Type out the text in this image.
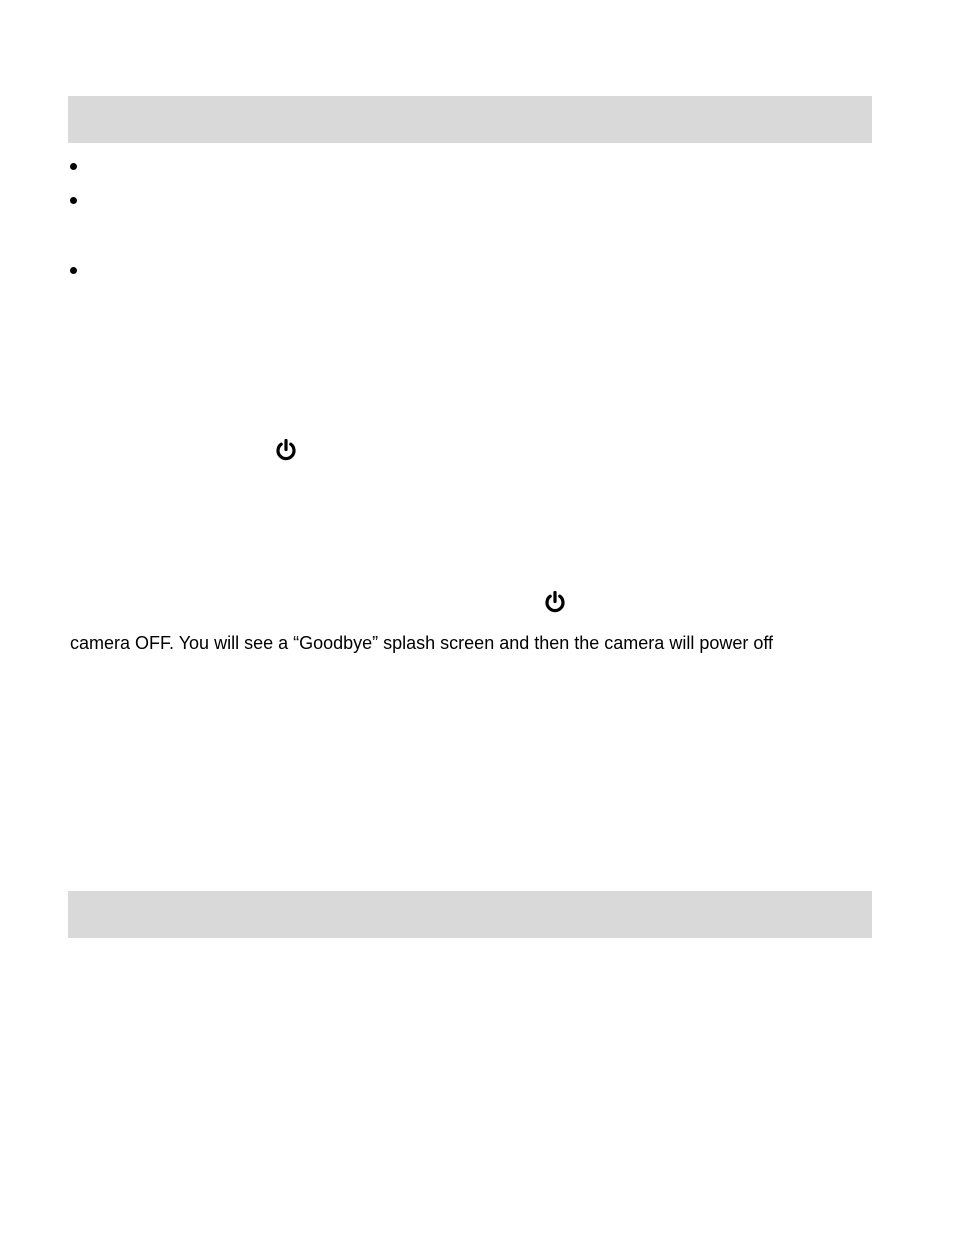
camera OFF. You will see a “Goodbye” splash screen and then the camera will power off
